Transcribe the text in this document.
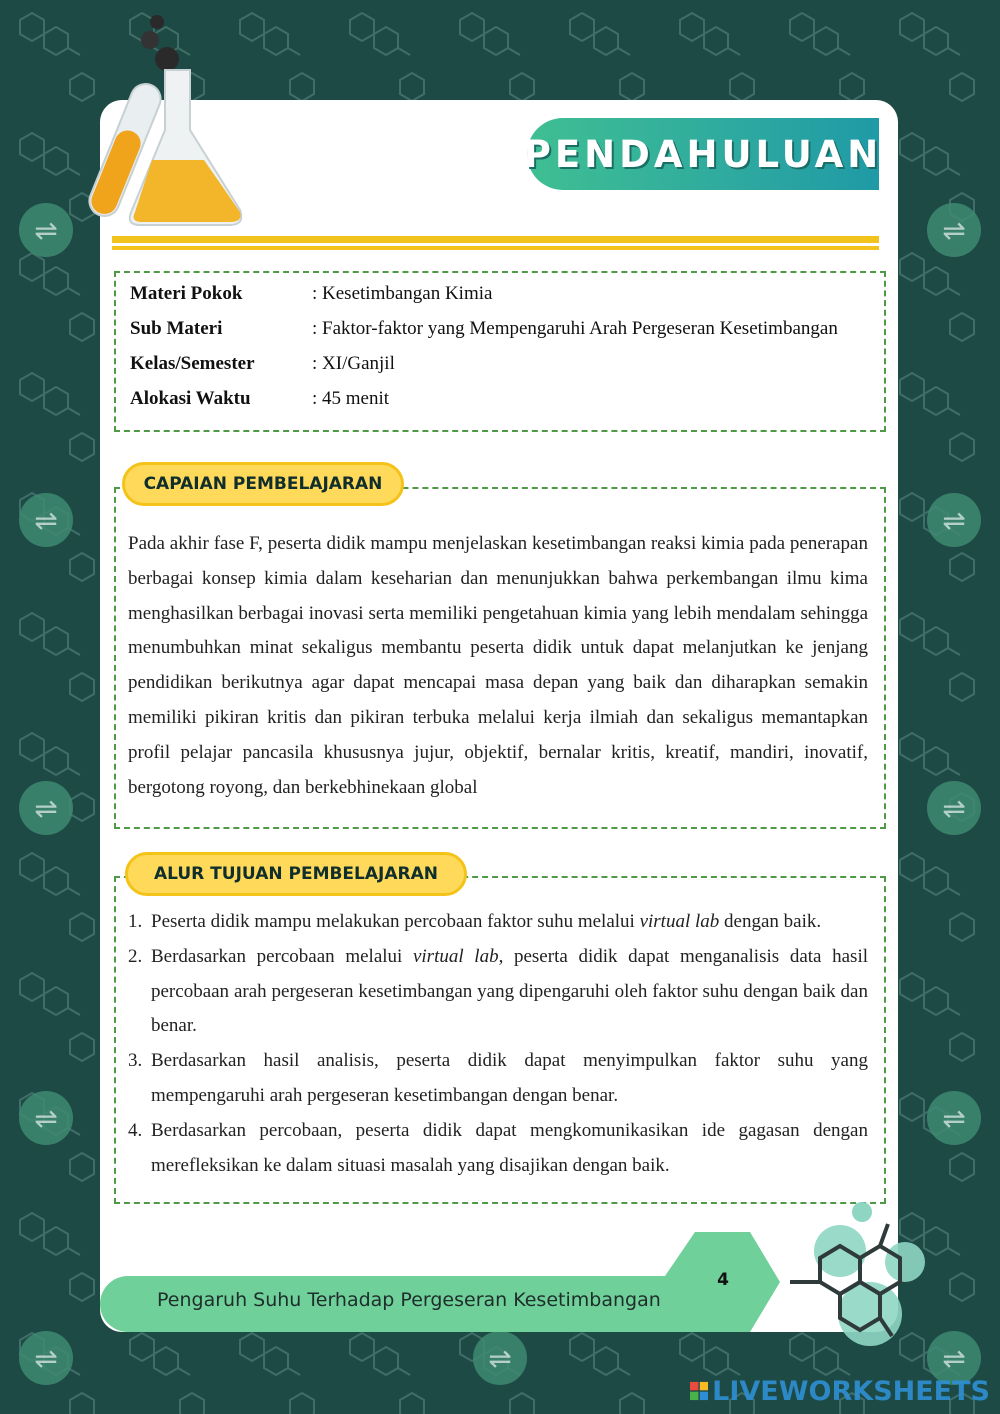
⇌
⇌
⇌
⇌
⇌
⇌
⇌
⇌
⇌
⇌
⇌
PENDAHULUAN
Materi Pokok	: Kesetimbangan Kimia
Sub Materi	: Faktor-faktor yang Mempengaruhi Arah Pergeseran Kesetimbangan
Kelas/Semester	: XI/Ganjil
Alokasi Waktu	: 45 menit
CAPAIAN PEMBELAJARAN
Pada akhir fase F, peserta didik mampu menjelaskan kesetimbangan reaksi kimia pada penerapan berbagai konsep kimia dalam keseharian dan menunjukkan bahwa perkembangan ilmu kima menghasilkan berbagai inovasi serta memiliki pengetahuan kimia yang lebih mendalam sehingga menumbuhkan minat sekaligus membantu peserta didik untuk dapat melanjutkan ke jenjang pendidikan berikutnya agar dapat mencapai masa depan yang baik dan diharapkan semakin memiliki pikiran kritis dan pikiran terbuka melalui kerja ilmiah dan sekaligus memantapkan profil pelajar pancasila khususnya jujur, objektif, bernalar kritis, kreatif, mandiri, inovatif, bergotong royong, dan berkebhinekaan global
ALUR TUJUAN PEMBELAJARAN
1. Peserta didik mampu melakukan percobaan faktor suhu melalui virtual lab dengan baik.
2. Berdasarkan percobaan melalui virtual lab, peserta didik dapat menganalisis data hasil percobaan arah pergeseran kesetimbangan yang dipengaruhi oleh faktor suhu dengan baik dan benar.
3. Berdasarkan hasil analisis, peserta didik dapat menyimpulkan faktor suhu yang mempengaruhi arah pergeseran kesetimbangan dengan benar.
4. Berdasarkan percobaan, peserta didik dapat mengkomunikasikan ide gagasan dengan merefleksikan ke dalam situasi masalah yang disajikan dengan baik.
Pengaruh Suhu Terhadap Pergeseran Kesetimbangan
4
LIVEWORKSHEETS
